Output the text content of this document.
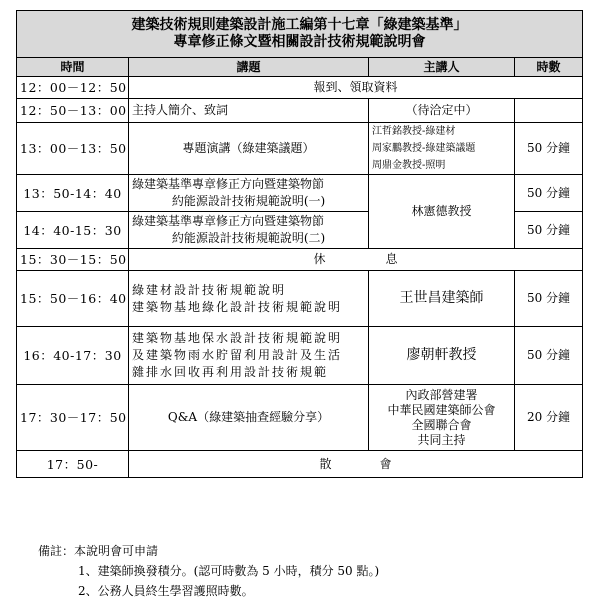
建築技術規則建築設計施工編第十七章「綠建築基準」
專章修正條文暨相關設計技術規範說明會			

時間	講題	主講人	時數
12：00－12：50	報到、領取資料		
12：50－13：00	主持人簡介、致詞	（待洽定中）	
13：00－13：50	專題演講（綠建築議題）	江哲銘教授-綠建材
周家鵬教授-綠建築議題
周鼎金教授-照明	50 分鐘
13：50-14：40	綠建築基準專章修正方向暨建築物節
約能源設計技術規範說明(一)	林憲德教授	50 分鐘
14：40-15：30	綠建築基準專章修正方向暨建築物節
約能源設計技術規範說明(二)		50 分鐘
15：30－15：50	休　　　　　息		
15：50－16：40	綠建材設計技術規範說明
建築物基地綠化設計技術規範說明	王世昌建築師	50 分鐘
16：40-17：30	建築物基地保水設計技術規範說明
及建築物雨水貯留利用設計及生活
雜排水回收再利用設計技術規範	廖朝軒教授	50 分鐘
17：30－17：50	Q&A（綠建築抽查經驗分享）	內政部營建署
中華民國建築師公會
全國聯合會
共同主持	20 分鐘
17：50-	散　　　　會		
備註：本說明會可申請
1、建築師換發積分。(認可時數為 5 小時，積分 50 點。)
2、公務人員終生學習護照時數。
